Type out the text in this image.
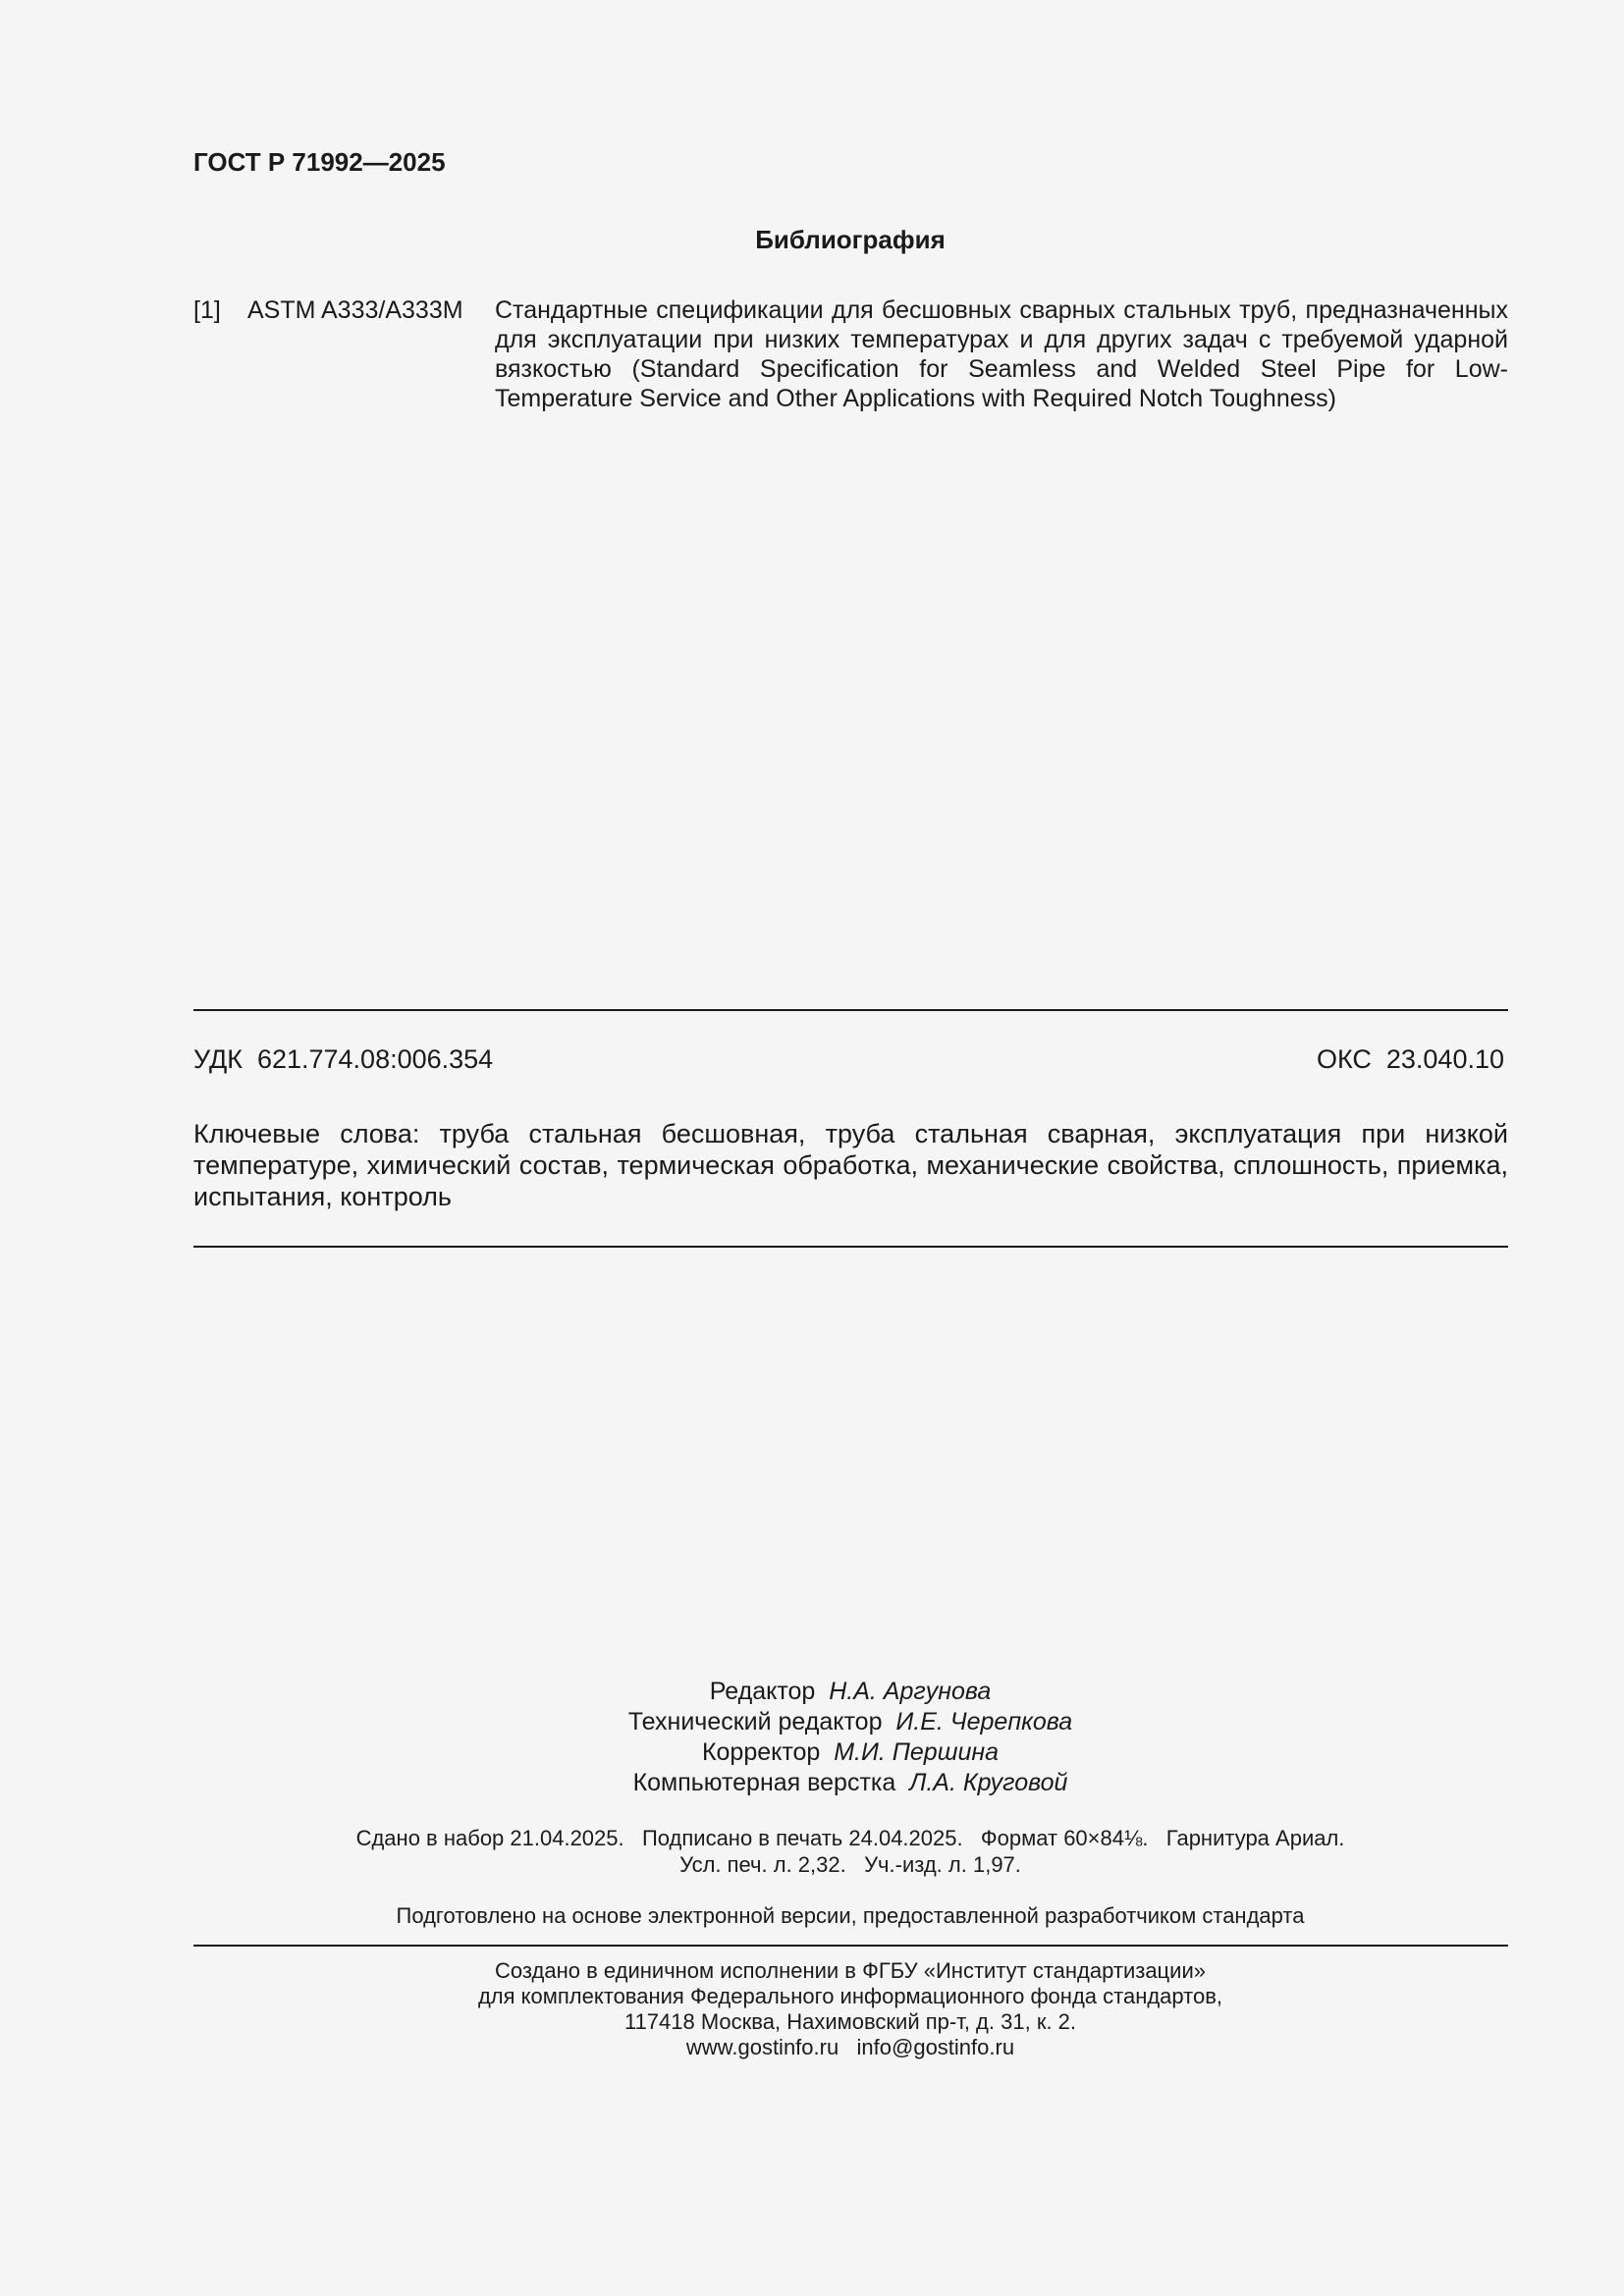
ГОСТ Р 71992—2025
Библиография
[1] ASTM A333/A333M Стандартные спецификации для бесшовных сварных стальных труб, предназначенных для эксплуатации при низких температурах и для других задач с требуемой ударной вязкостью (Standard Specification for Seamless and Welded Steel Pipe for Low-Temperature Service and Other Applications with Required Notch Toughness)
УДК  621.774.08:006.354	ОКС  23.040.10
Ключевые слова: труба стальная бесшовная, труба стальная сварная, эксплуатация при низкой температуре, химический состав, термическая обработка, механические свойства, сплошность, приемка, испытания, контроль
Редактор Н.А. Аргунова
Технический редактор И.Е. Черепкова
Корректор М.И. Першина
Компьютерная верстка Л.А. Круговой
Сдано в набор 21.04.2025.   Подписано в печать 24.04.2025.   Формат 60×84⅛.   Гарнитура Ариал.
Усл. печ. л. 2,32.   Уч.-изд. л. 1,97.
Подготовлено на основе электронной версии, предоставленной разработчиком стандарта
Создано в единичном исполнении в ФГБУ «Институт стандартизации»
для комплектования Федерального информационного фонда стандартов,
117418 Москва, Нахимовский пр-т, д. 31, к. 2.
www.gostinfo.ru   info@gostinfo.ru
